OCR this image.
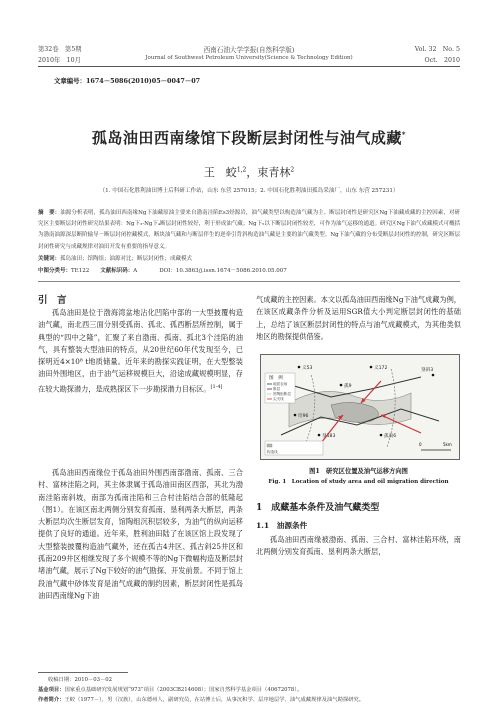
第32卷　第5期
2010年　10月
西南石油大学学报(自然科学版)
Journal of Southwest Petroleum University(Science & Technology Edition)
Vol. 32　No. 5
Oct.　2010
文章编号：1674－5086(2010)05－0047－07
孤岛油田西南缘馆下段断层封闭性与油气成藏*
王　蛟$^{1,2}$，束青林$^2$
（1. 中国石化胜利油田博士后科研工作站，山东 东营 257015；2. 中国石化胜利油田孤岛采油厂，山东 东营 257231）
摘　要：油源分析表明，孤岛油田西南缘Ng下油藏原油主要来自渤南洼陷Es3烃源岩，油气藏类型以构造油气藏为主。断层封闭性是研究区Ng下油藏成藏的主控因素，对研究区主要断层封闭性研究结果表明：Ng下₃-Ng下₄断层封闭性较好，利于形成油气藏；Ng下₅以下断层封闭性较差，可作为油气运移的通道。研究区Ng下油气成藏模式可概括为渤南油源深层断阶输导－断层封闭控藏模式，断块油气藏和与断层伴生的逆牵引背斜构造油气藏是主要的油气藏类型。Ng下油气藏的分布受断层封闭性的控制，研究区断层封闭性研究与成藏规律对油田开发有重要的指导意义。
关键词：孤岛油田；馆陶组；油源对比；断层封闭性；成藏模式
中图分类号：TE122　　 文献标识码：A　　　　	DOI：10.3863/j.issn.1674－5086.2010.05.007
引　言
孤岛油田是位于渤海湾盆地沾化凹陷中部的一大型披覆构造油气藏，南北西三面分别受孤南、孤北、孤西断层所控制，属于典型的“四中之隆”，汇聚了来自渤南、孤南、孤北3个洼陷的油气，具有整装大型油田的特点，从20世纪60年代发现至今，已探明近4×10⁸ t地质储量。近年来的勘探实践证明，在大型整装油田外围地区，由于油气运移规模巨大，沿途成藏规模明显，存在较大勘探潜力，是成熟探区下一步勘探潜力目标区。[1-4]
孤岛油田西南缘位于孤岛油田外围西南部渤南、孤南、三合村、富林洼陷之间，其主体隶属于孤岛油田南区西部，其北为渤南洼陷南斜坡，南部为孤南洼陷和三合村洼陷结合部的低隆起（图1）。在该区南北两侧分别发育孤南、垦利两条大断层，两条大断层均次生断层发育，馆陶组沉积层较多，为油气的纵向运移提供了良好的通道。近年来，胜利油田陆了在该区馆上段发现了大型整装披覆构造油气藏外，还在孤古4井区、孤古斜25井区和孤南209井区相继发现了多个规模不等的Ng下微幅构造及断层封堵油气藏，展示了Ng下较好的油气勘探、开发前景。不同于馆上段油气藏中砂体发育是油气成藏的制约因素，断层封闭性是孤岛油田西南缘Ng下油
气成藏的主控因素。本文以孤岛油田西南缘Ng下油气成藏为例，在该区成藏条件分析及运用SGR值大小判定断层封闭性的基础上，总结了该区断层封闭性的特点与油气成藏模式，为其他类似地区的勘探提供借鉴。
义53	义172	垦斜3
孤9
埕96
垦183	孤南6
图　例
地质农场
断层
馆陶组断层
尖灭线
构造线
0	5km
图1　研究区位置及油气运移方向图
Fig. 1　Location of study area and oil migration direction
1　 成藏基本条件及油气藏类型
1.1　油源条件
孤岛油田西南缘被渤南、孤南、三合村、富林洼陷环绕，南北两侧分别发育孤南、垦利两条大断层，
收稿日期：2010－03－02
基金项目：国家重点基础研究发展规划“973”项目（2003CB214608）；国家自然科学基金项目（40672078）。
作者简介：王蛟（1977－），男（汉族），山东德州人，副研究员，在站博士后，从事沉积学、层序地层学、油气成藏规律及油气勘探研究。
